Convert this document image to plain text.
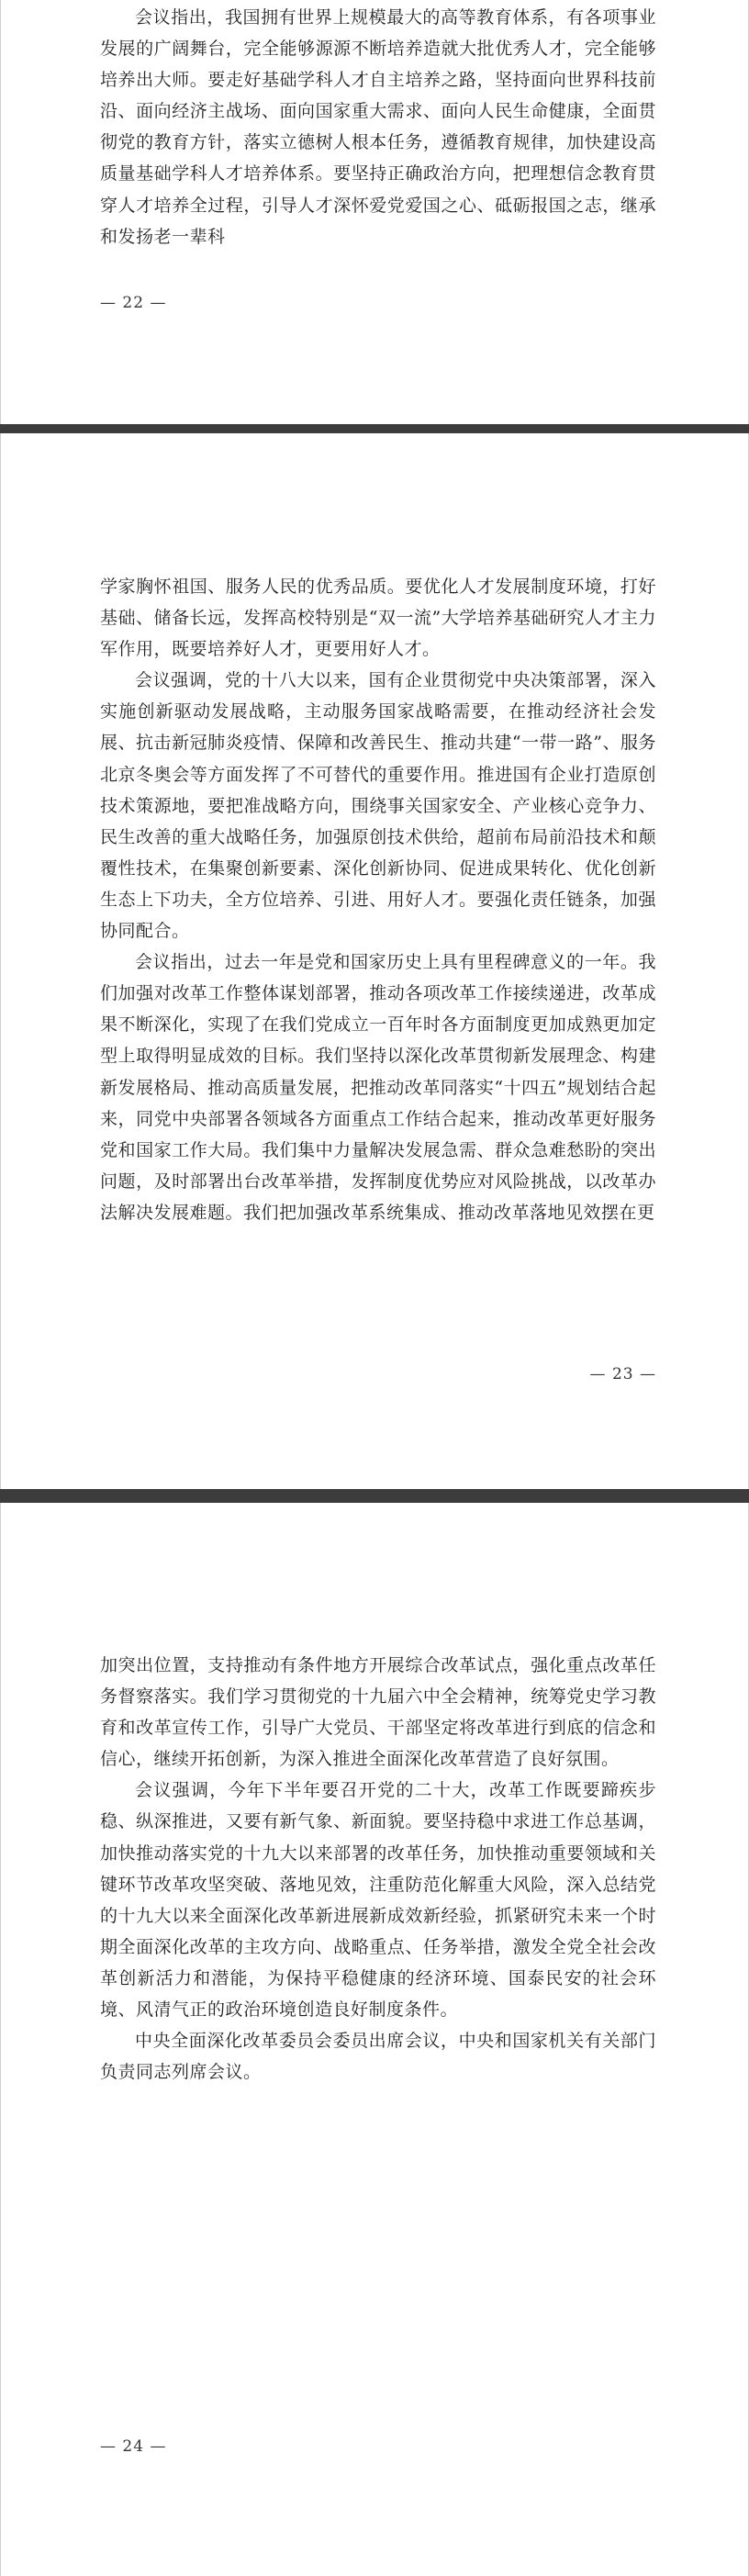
会议指出，我国拥有世界上规模最大的高等教育体系，有各项事业发展的广阔舞台，完全能够源源不断培养造就大批优秀人才，完全能够培养出大师。要走好基础学科人才自主培养之路，坚持面向世界科技前沿、面向经济主战场、面向国家重大需求、面向人民生命健康，全面贯彻党的教育方针，落实立德树人根本任务，遵循教育规律，加快建设高质量基础学科人才培养体系。要坚持正确政治方向，把理想信念教育贯穿人才培养全过程，引导人才深怀爱党爱国之心、砥砺报国之志，继承和发扬老一辈科

— 22 —

学家胸怀祖国、服务人民的优秀品质。要优化人才发展制度环境，打好基础、储备长远，发挥高校特别是“双一流”大学培养基础研究人才主力军作用，既要培养好人才，更要用好人才。

会议强调，党的十八大以来，国有企业贯彻党中央决策部署，深入实施创新驱动发展战略，主动服务国家战略需要，在推动经济社会发展、抗击新冠肺炎疫情、保障和改善民生、推动共建“一带一路”、服务北京冬奥会等方面发挥了不可替代的重要作用。推进国有企业打造原创技术策源地，要把准战略方向，围绕事关国家安全、产业核心竞争力、民生改善的重大战略任务，加强原创技术供给，超前布局前沿技术和颠覆性技术，在集聚创新要素、深化创新协同、促进成果转化、优化创新生态上下功夫，全方位培养、引进、用好人才。要强化责任链条，加强协同配合。

会议指出，过去一年是党和国家历史上具有里程碑意义的一年。我们加强对改革工作整体谋划部署，推动各项改革工作接续递进，改革成果不断深化，实现了在我们党成立一百年时各方面制度更加成熟更加定型上取得明显成效的目标。我们坚持以深化改革贯彻新发展理念、构建新发展格局、推动高质量发展，把推动改革同落实“十四五”规划结合起来，同党中央部署各领域各方面重点工作结合起来，推动改革更好服务党和国家工作大局。我们集中力量解决发展急需、群众急难愁盼的突出问题，及时部署出台改革举措，发挥制度优势应对风险挑战，以改革办法解决发展难题。我们把加强改革系统集成、推动改革落地见效摆在更

— 23 —

加突出位置，支持推动有条件地方开展综合改革试点，强化重点改革任务督察落实。我们学习贯彻党的十九届六中全会精神，统筹党史学习教育和改革宣传工作，引导广大党员、干部坚定将改革进行到底的信念和信心，继续开拓创新，为深入推进全面深化改革营造了良好氛围。

会议强调，今年下半年要召开党的二十大，改革工作既要蹄疾步稳、纵深推进，又要有新气象、新面貌。要坚持稳中求进工作总基调，加快推动落实党的十九大以来部署的改革任务，加快推动重要领域和关键环节改革攻坚突破、落地见效，注重防范化解重大风险，深入总结党的十九大以来全面深化改革新进展新成效新经验，抓紧研究未来一个时期全面深化改革的主攻方向、战略重点、任务举措，激发全党全社会改革创新活力和潜能，为保持平稳健康的经济环境、国泰民安的社会环境、风清气正的政治环境创造良好制度条件。

中央全面深化改革委员会委员出席会议，中央和国家机关有关部门负责同志列席会议。

— 24 —
